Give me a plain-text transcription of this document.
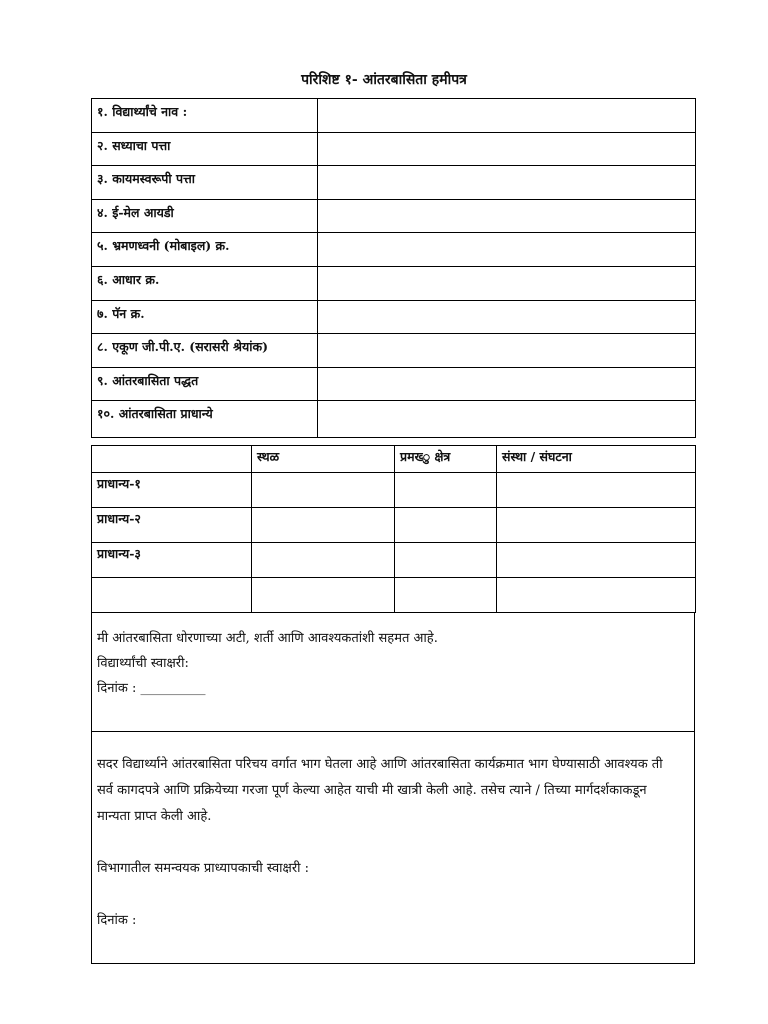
परिशिष्ट १- आंतरबासिता हमीपत्र
१. विद्यार्थ्यांचे नाव :	
२. सध्याचा पत्ता	
३. कायमस्वरूपी पत्ता	
४. ई-मेल आयडी	
५. भ्रमणध्वनी (मोबाइल) क्र.	
६. आधार क्र.	
७. पॅन क्र.	
८. एकूण जी.पी.ए. (सरासरी श्रेयांक)	
९. आंतरबासिता पद्धत	
१०. आंतरबासिता प्राधान्ये	
	स्थळ	प्रमख्‍ु क्षेत्र	संस्था / संघटना
प्राधान्य-१			
प्राधान्य-२			
प्राधान्य-३			

मी आंतरबासिता धोरणाच्या अटी, शर्ती आणि आवश्यकतांशी सहमत आहे.
विद्यार्थ्यांची स्वाक्षरी:
दिनांक : __________

सदर विद्यार्थ्याने आंतरबासिता परिचय वर्गात भाग घेतला आहे आणि आंतरबासिता कार्यक्रमात भाग घेण्यासाठी आवश्यक ती सर्व कागदपत्रे आणि प्रक्रियेच्या गरजा पूर्ण केल्या आहेत याची मी खात्री केली आहे. तसेच त्याने / तिच्या मार्गदर्शकाकडून मान्यता प्राप्त केली आहे.

विभागातील समन्वयक प्राध्यापकाची स्वाक्षरी :

दिनांक :
